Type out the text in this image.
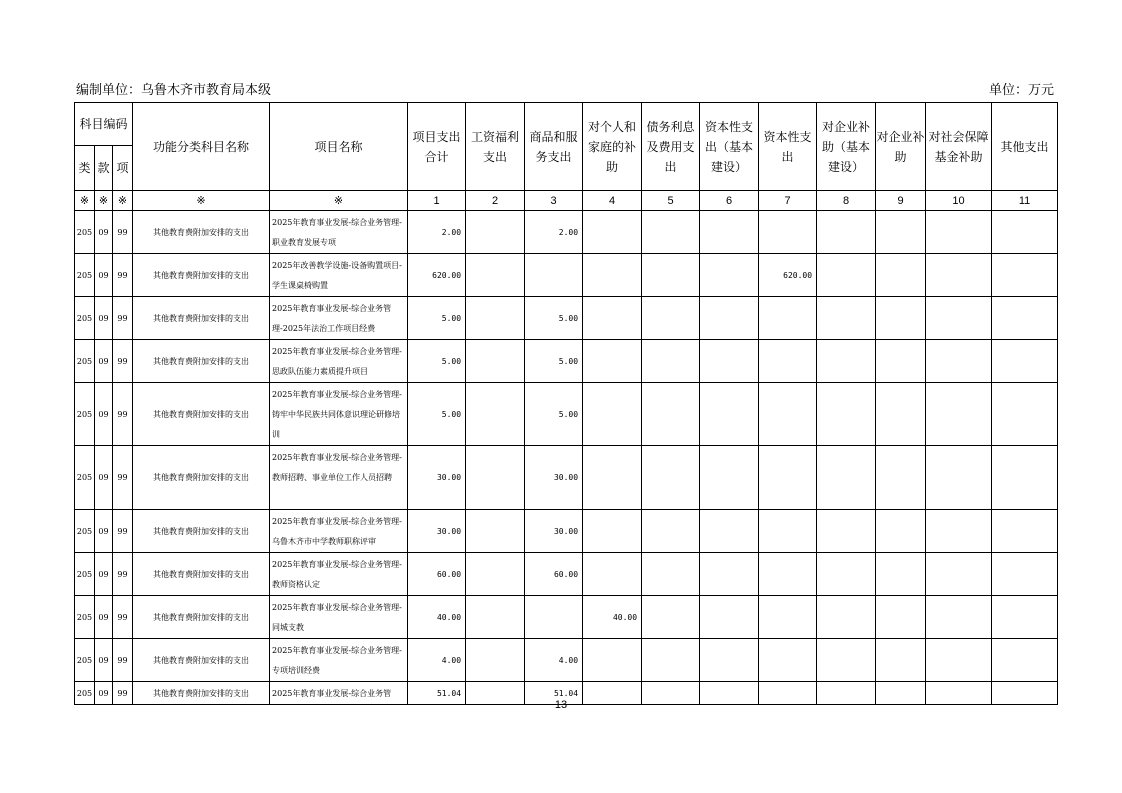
编制单位：乌鲁木齐市教育局本级	单位：万元
科目编码			功能分类科目名称	项目名称	项目支出合计	工资福利支出	商品和服务支出	对个人和家庭的补助	债务利息及费用支出	资本性支出（基本建设）	资本性支出	对企业补助（基本建设）	对企业补助	对社会保障基金补助	其他支出
类	款	项													
※	※	※	※	※	1	2	3	4	5	6	7	8	9	10	11
205	09	99	其他教育费附加安排的支出	2025年教育事业发展-综合业务管理-职业教育发展专项	2.00		2.00								
205	09	99	其他教育费附加安排的支出	2025年改善教学设施-设备购置项目-学生课桌椅购置	620.00						620.00				
205	09	99	其他教育费附加安排的支出	2025年教育事业发展-综合业务管理-2025年法治工作项目经费	5.00		5.00								
205	09	99	其他教育费附加安排的支出	2025年教育事业发展-综合业务管理-思政队伍能力素质提升项目	5.00		5.00								
205	09	99	其他教育费附加安排的支出	2025年教育事业发展-综合业务管理-铸牢中华民族共同体意识理论研修培训	5.00		5.00								
205	09	99	其他教育费附加安排的支出	2025年教育事业发展-综合业务管理-教师招聘、事业单位工作人员招聘	30.00		30.00								
205	09	99	其他教育费附加安排的支出	2025年教育事业发展-综合业务管理-乌鲁木齐市中学教师职称评审	30.00		30.00								
205	09	99	其他教育费附加安排的支出	2025年教育事业发展-综合业务管理-教师资格认定	60.00		60.00								
205	09	99	其他教育费附加安排的支出	2025年教育事业发展-综合业务管理-同城支教	40.00			40.00							
205	09	99	其他教育费附加安排的支出	2025年教育事业发展-综合业务管理-专项培训经费	4.00		4.00								
205	09	99	其他教育费附加安排的支出	2025年教育事业发展-综合业务管	51.04		51.04								
13
